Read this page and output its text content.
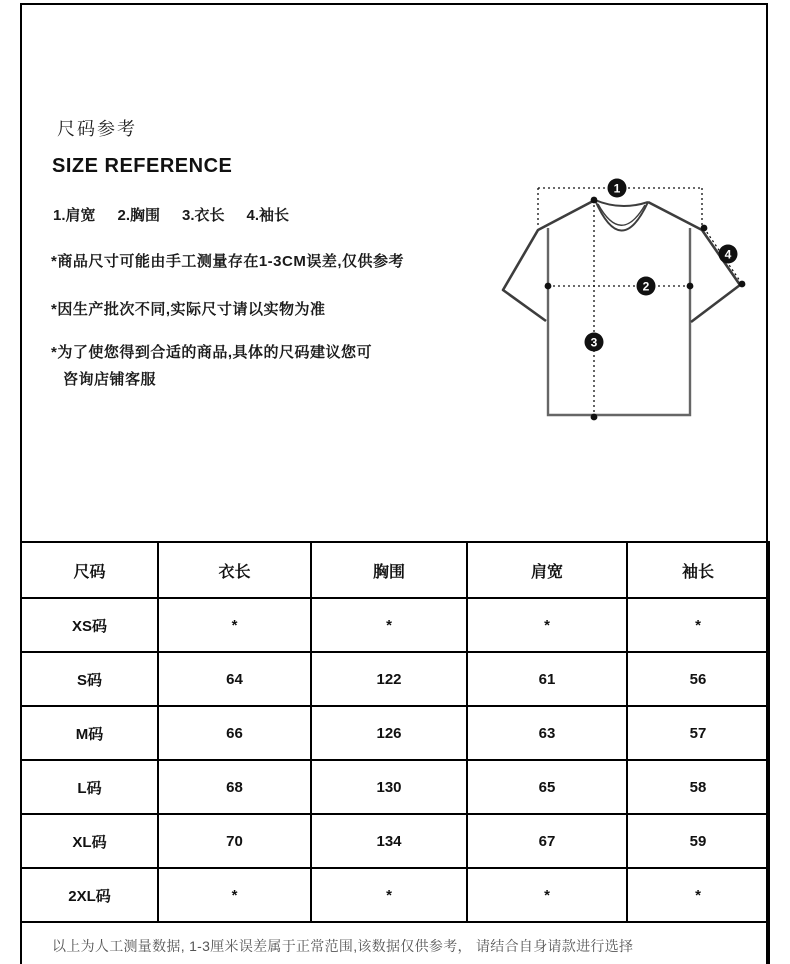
尺码参考
SIZE REFERENCE
1.肩宽 2.胸围 3.衣长 4.袖长
*商品尺寸可能由手工测量存在1-3CM误差,仅供参考
*因生产批次不同,实际尺寸请以实物为准
*为了使您得到合适的商品,具体的尺码建议您可
咨询店铺客服
1
2
3
4
尺码	衣长	胸围	肩宽	袖长
XS码	*	*	*	*
S码	64	122	61	56
M码	66	126	63	57
L码	68	130	65	58
XL码	70	134	67	59
2XL码	*	*	*	*
以上为人工测量数据, 1-3厘米误差属于正常范围,该数据仅供参考， 请结合自身请款进行选择				
